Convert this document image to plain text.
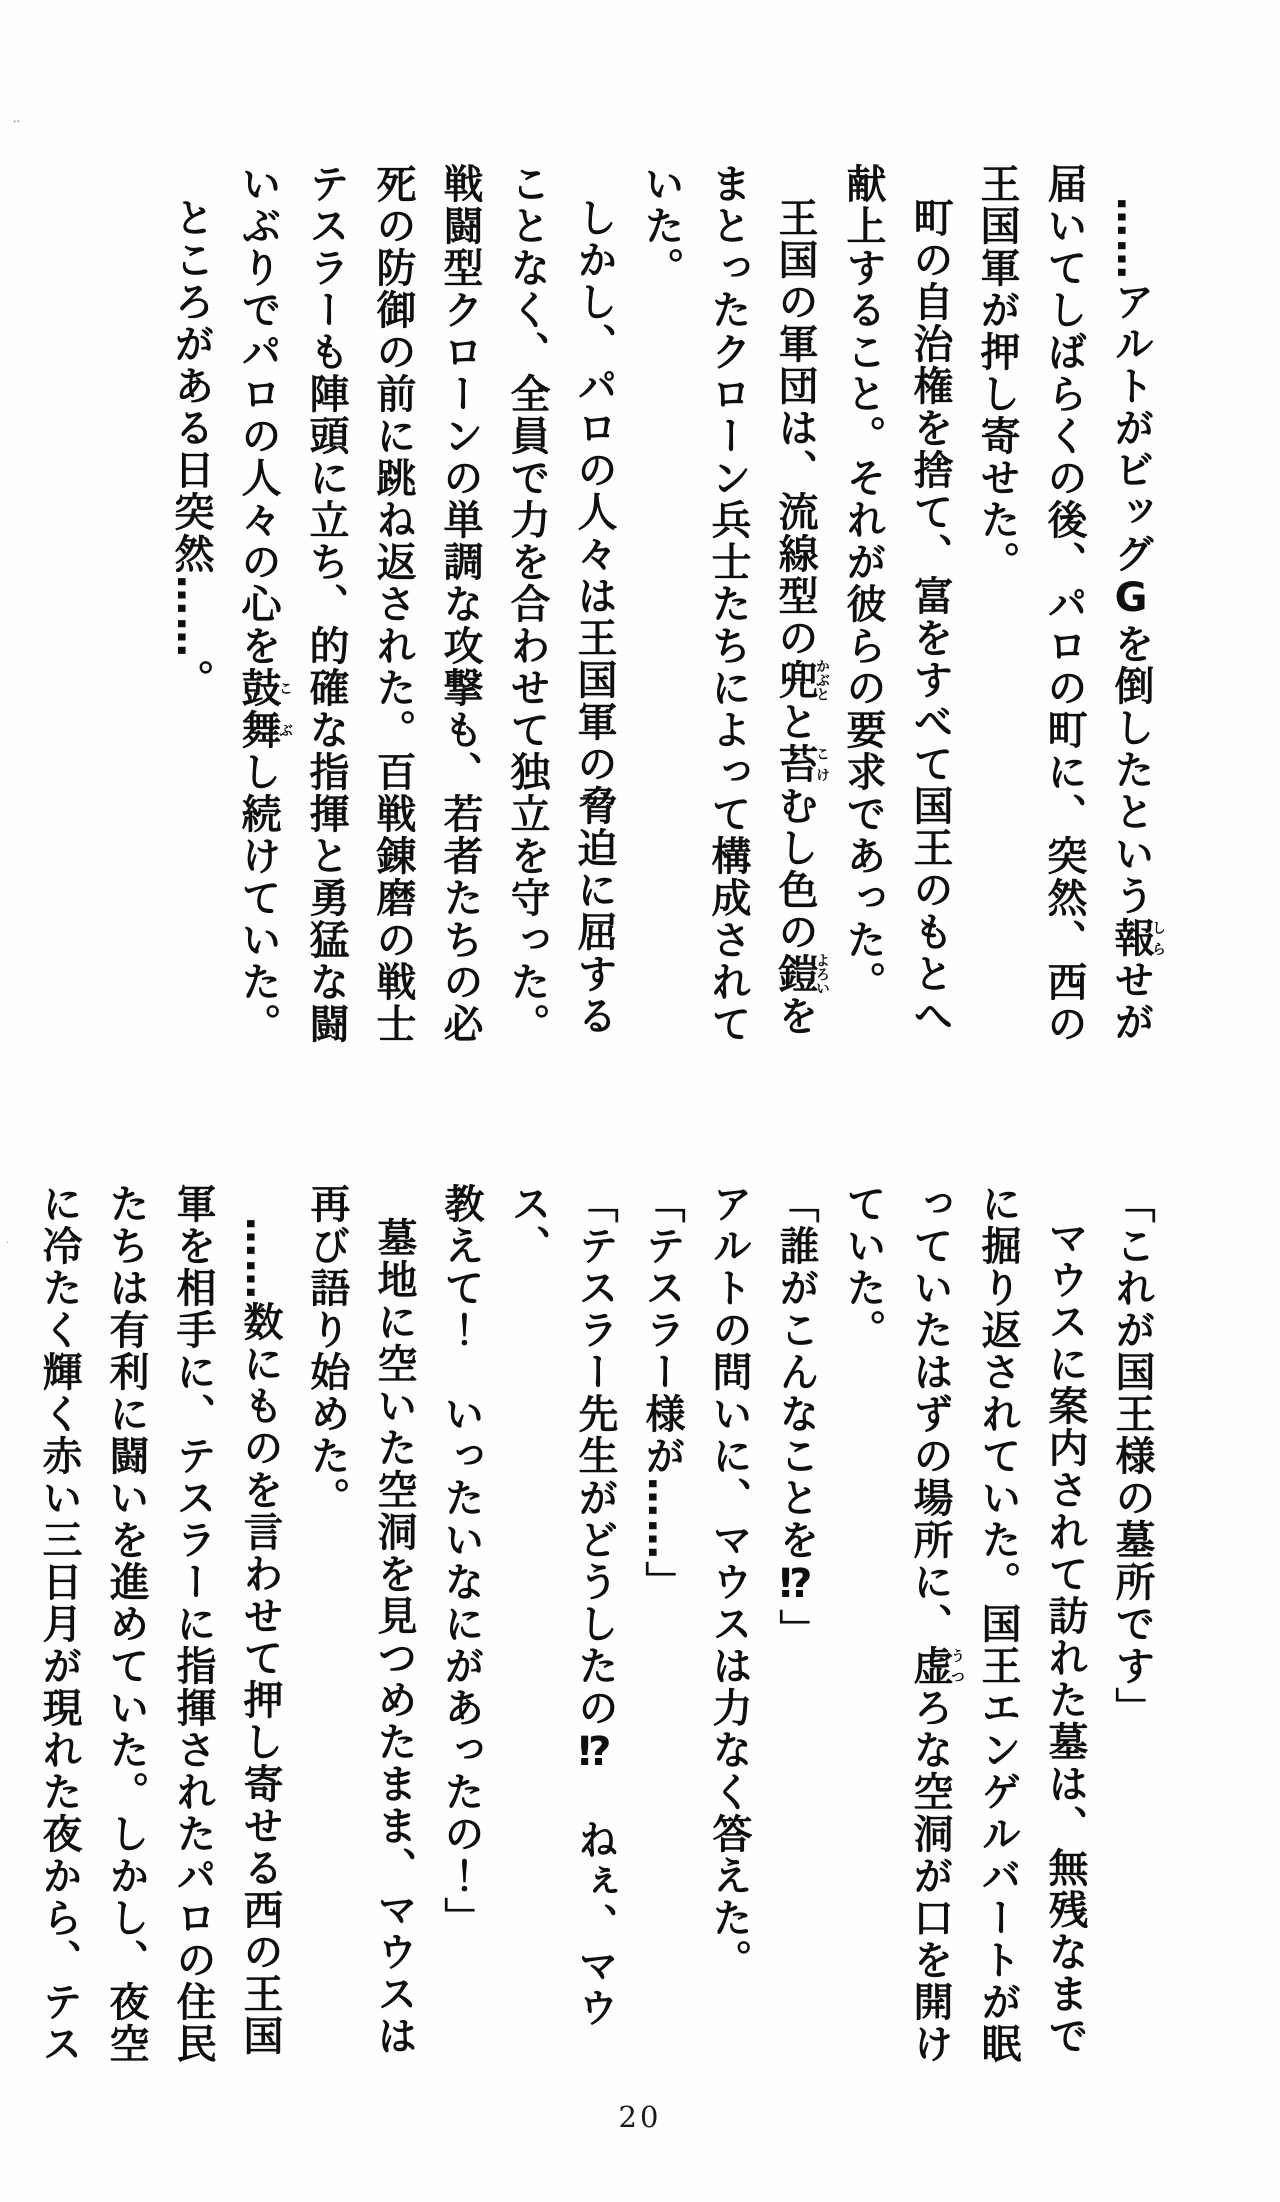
᠃
·
……アルトがビッグGを倒したという報しらせが
届いてしばらくの後、パロの町に、突然、西の
王国軍が押し寄せた。
町の自治権を捨て、富をすべて国王のもとへ
献上すること。それが彼らの要求であった。
王国の軍団は、流線型の兜かぶとと苔こけむし色の鎧よろいを
まとったクローン兵士たちによって構成されて
いた。
しかし、パロの人々は王国軍の脅迫に屈する
ことなく、全員で力を合わせて独立を守った。
戦闘型クローンの単調な攻撃も、若者たちの必
死の防御の前に跳ね返された。百戦錬磨の戦士
テスラーも陣頭に立ち、的確な指揮と勇猛な闘
いぶりでパロの人々の心を鼓舞こぶし続けていた。
ところがある日突然……。
「これが国王様の墓所です」
マウスに案内されて訪れた墓は、無残なまで
に掘り返されていた。国王エンゲルバートが眠
っていたはずの場所に、虚うつろな空洞が口を開け
ていた。
「誰がこんなことを⁉」
アルトの問いに、マウスは力なく答えた。
「テスラー様が……」
「テスラー先生がどうしたの⁉　ねぇ、マウス、
教えて！　いったいなにがあったの！」
墓地に空いた空洞を見つめたまま、マウスは
再び語り始めた。
……数にものを言わせて押し寄せる西の王国
軍を相手に、テスラーに指揮されたパロの住民
たちは有利に闘いを進めていた。しかし、夜空
に冷たく輝く赤い三日月が現れた夜から、テス
20
